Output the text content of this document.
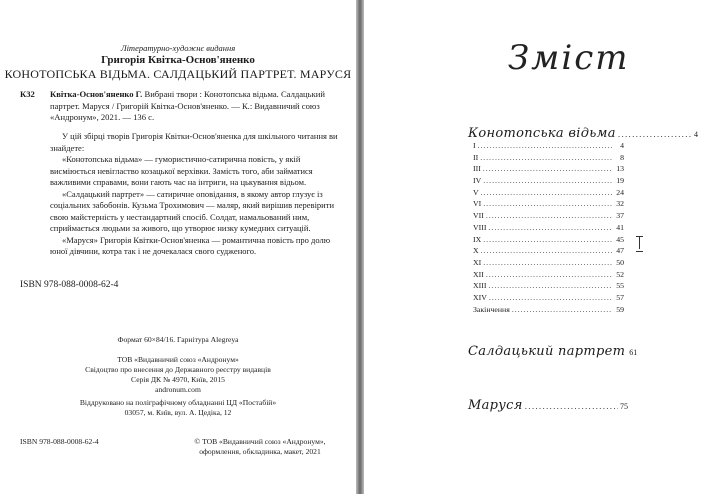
Літературно-художнє видання
Григорія Квітка-Основ'яненко
КОНОТОПСЬКА ВІДЬМА. САЛДАЦЬКИЙ ПАРТРЕТ. МАРУСЯ
К32	Квітка-Основ'яненко Г. Вибрані твори : Конотопська відьма. Салдацький партрет. Маруся / Григорій Квітка-Основ'яненко. — К.: Видавничий союз «Андронум», 2021. — 136 с.

У цій збірці творів Григорія Квітки-Основ'яненка для шкільного читання ви знайдете:

«Конотопська відьма» — гумористично-сатирична повість, у якій висміюється невігластво козацької верхівки. Замість того, аби займатися важливими справами, вони гають час на інтриги, на цькування відьом.

«Салдацький партрет» — сатиричне оповідання, в якому автор глузує із соціальних забобонів. Кузьма Трохимович — маляр, який вирішив перевірити свою майстерність у нестандартний спосіб. Солдат, намальований ним, сприймається людьми за живого, що утворює низку кумедних ситуацій.

«Маруся» Григорія Квітки-Основ'яненка — романтична повість про долю юної дівчини, котра так і не дочекалася свого судженого.

ISBN 978-088-0008-62-4
Формат 60×84/16. Гарнітура Alegreya
ТОВ «Видавничий союз «Андронум»
Свідоцтво про внесення до Державного реєстру видавців
Серія ДК № 4970, Київ, 2015
andronum.com
Віддруковано на поліграфічному обладнанні ЦД «Постабій»
03057, м. Київ, вул. А. Цедіка, 12
ISBN 978-088-0008-62-4	© ТОВ «Видавничий союз «Андронум»,
оформлення, обкладинка, макет, 2021
Зміст
Конотопська відьма .....	4
I .....	4
II .....	8
III .....	13
IV .....	19
V .....	24
VI .....	32
VII .....	37
VIII .....	41
IX .....	45
X .....	47
XI .....	50
XII .....	52
XIII .....	55
XIV .....	57
Закінчення .....	59
Салдацький партрет 61
Маруся .....	75
